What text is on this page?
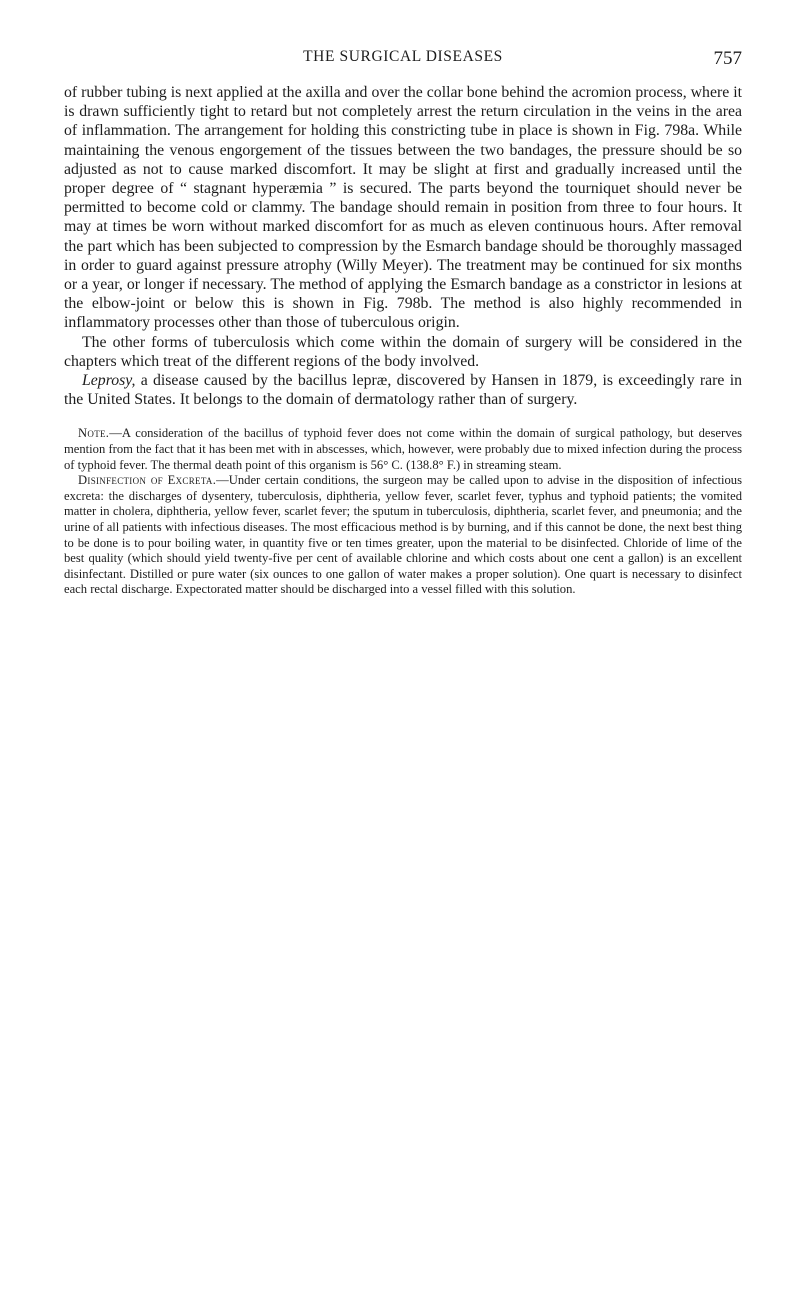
THE SURGICAL DISEASES	757

of rubber tubing is next applied at the axilla and over the collar bone behind the acromion process, where it is drawn sufficiently tight to retard but not completely arrest the return circulation in the veins in the area of inflammation. The arrangement for holding this constricting tube in place is shown in Fig. 798a. While maintaining the venous engorgement of the tissues between the two bandages, the pressure should be so adjusted as not to cause marked discomfort. It may be slight at first and gradually increased until the proper degree of “ stagnant hyperæmia ” is secured. The parts beyond the tourniquet should never be permitted to become cold or clammy. The bandage should remain in position from three to four hours. It may at times be worn without marked discomfort for as much as eleven continuous hours. After removal the part which has been subjected to compression by the Esmarch bandage should be thoroughly massaged in order to guard against pressure atrophy (Willy Meyer). The treatment may be continued for six months or a year, or longer if necessary. The method of applying the Esmarch bandage as a constrictor in lesions at the elbow-joint or below this is shown in Fig. 798b. The method is also highly recommended in inflammatory processes other than those of tuberculous origin.

The other forms of tuberculosis which come within the domain of surgery will be considered in the chapters which treat of the different regions of the body involved.

Leprosy, a disease caused by the bacillus lepræ, discovered by Hansen in 1879, is exceedingly rare in the United States. It belongs to the domain of dermatology rather than of surgery.

Note.—A consideration of the bacillus of typhoid fever does not come within the domain of surgical pathology, but deserves mention from the fact that it has been met with in abscesses, which, however, were probably due to mixed infection during the process of typhoid fever. The thermal death point of this organism is 56° C. (138.8° F.) in streaming steam.

Disinfection of Excreta.—Under certain conditions, the surgeon may be called upon to advise in the disposition of infectious excreta: the discharges of dysentery, tuberculosis, diphtheria, yellow fever, scarlet fever, typhus and typhoid patients; the vomited matter in cholera, diphtheria, yellow fever, scarlet fever; the sputum in tuberculosis, diphtheria, scarlet fever, and pneumonia; and the urine of all patients with infectious diseases. The most efficacious method is by burning, and if this cannot be done, the next best thing to be done is to pour boiling water, in quantity five or ten times greater, upon the material to be disinfected. Chloride of lime of the best quality (which should yield twenty-five per cent of available chlorine and which costs about one cent a gallon) is an excellent disinfectant. Distilled or pure water (six ounces to one gallon of water makes a proper solution). One quart is necessary to disinfect each rectal discharge. Expectorated matter should be discharged into a vessel filled with this solution.
